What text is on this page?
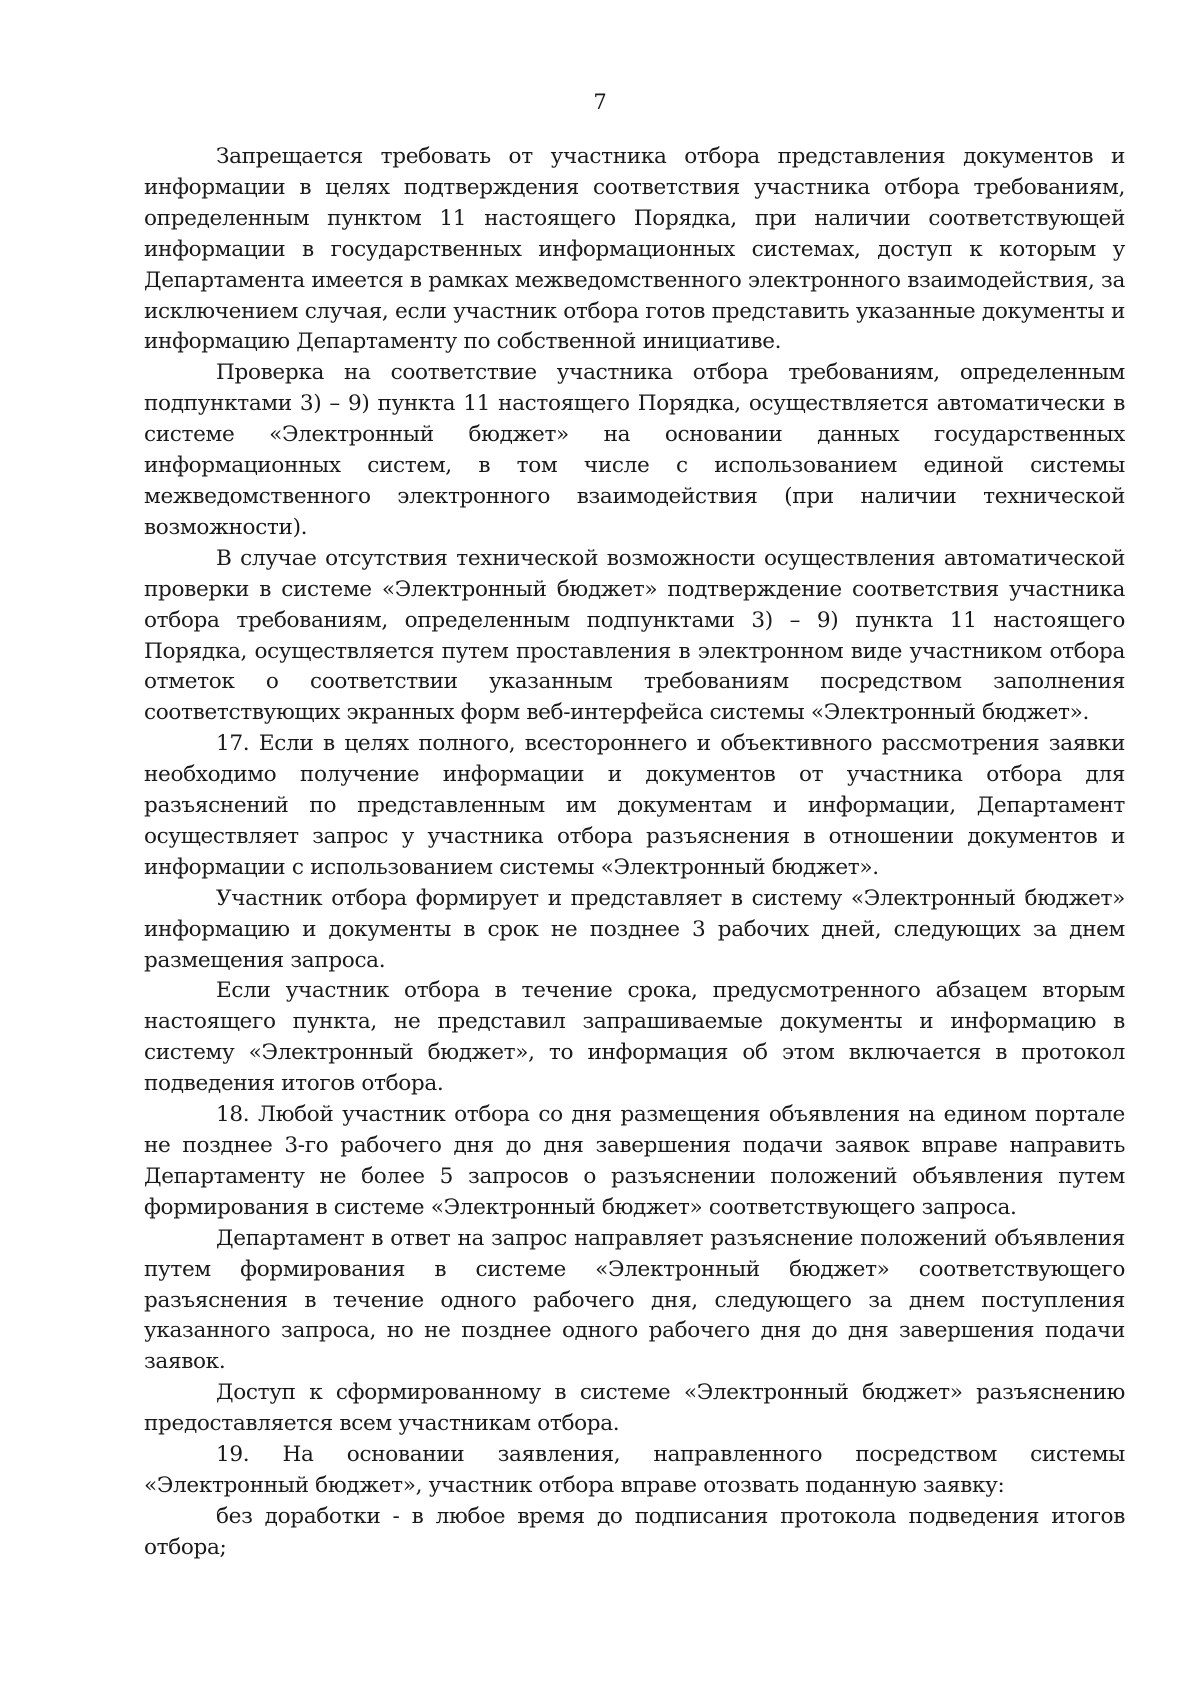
7

Запрещается требовать от участника отбора представления документов и информации в целях подтверждения соответствия участника отбора требованиям, определенным пунктом 11 настоящего Порядка, при наличии соответствующей информации в государственных информационных системах, доступ к которым у Департамента имеется в рамках межведомственного электронного взаимодействия, за исключением случая, если участник отбора готов представить указанные документы и информацию Департаменту по собственной инициативе.

Проверка на соответствие участника отбора требованиям, определенным подпунктами 3) – 9) пункта 11 настоящего Порядка, осуществляется автоматически в системе «Электронный бюджет» на основании данных государственных информационных систем, в том числе с использованием единой системы межведомственного электронного взаимодействия (при наличии технической возможности).

В случае отсутствия технической возможности осуществления автоматической проверки в системе «Электронный бюджет» подтверждение соответствия участника отбора требованиям, определенным подпунктами 3) – 9) пункта 11 настоящего Порядка, осуществляется путем проставления в электронном виде участником отбора отметок о соответствии указанным требованиям посредством заполнения соответствующих экранных форм веб-интерфейса системы «Электронный бюджет».

17. Если в целях полного, всестороннего и объективного рассмотрения заявки необходимо получение информации и документов от участника отбора для разъяснений по представленным им документам и информации, Департамент осуществляет запрос у участника отбора разъяснения в отношении документов и информации с использованием системы «Электронный бюджет».

Участник отбора формирует и представляет в систему «Электронный бюджет» информацию и документы в срок не позднее 3 рабочих дней, следующих за днем размещения запроса.

Если участник отбора в течение срока, предусмотренного абзацем вторым настоящего пункта, не представил запрашиваемые документы и информацию в систему «Электронный бюджет», то информация об этом включается в протокол подведения итогов отбора.

18. Любой участник отбора со дня размещения объявления на едином портале не позднее 3-го рабочего дня до дня завершения подачи заявок вправе направить Департаменту не более 5 запросов о разъяснении положений объявления путем формирования в системе «Электронный бюджет» соответствующего запроса.

Департамент в ответ на запрос направляет разъяснение положений объявления путем формирования в системе «Электронный бюджет» соответствующего разъяснения в течение одного рабочего дня, следующего за днем поступления указанного запроса, но не позднее одного рабочего дня до дня завершения подачи заявок.

Доступ к сформированному в системе «Электронный бюджет» разъяснению предоставляется всем участникам отбора.

19. На основании заявления, направленного посредством системы «Электронный бюджет», участник отбора вправе отозвать поданную заявку:

без доработки - в любое время до подписания протокола подведения итогов отбора;
